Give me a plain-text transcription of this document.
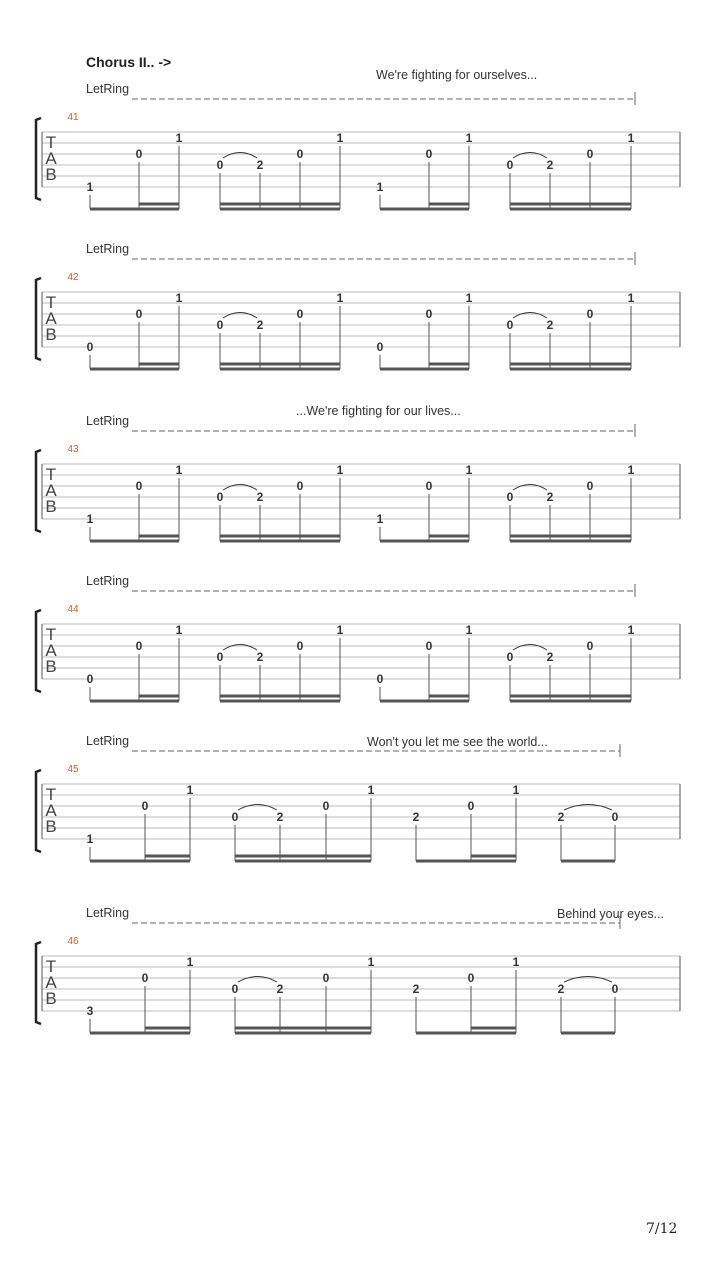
Chorus II.. ->
LetRing
We're fighting for ourselves...
41
T
A
B
1
0
1
0	2
0
1
1
0
1
0	2
0
1
LetRing
42
T
A
B
0
0
1
0	2
0
1
0
0
1
0	2
0
1
LetRing
...We're fighting for our lives...
43
T
A
B
1
0
1
0	2
0
1
1
0
1
0	2
0
1
LetRing
44
T
A
B
0
0
1
0	2
0
1
0
0
1
0	2
0
1
LetRing	Won't you let me see the world...
45
T
A
B
1
0
1
0	2
0
1
2
0
1
2	0
LetRing	Behind your eyes...
46
T
A
B
3
0
1
0	2
0
1
2
0
1
2	0
7/12
